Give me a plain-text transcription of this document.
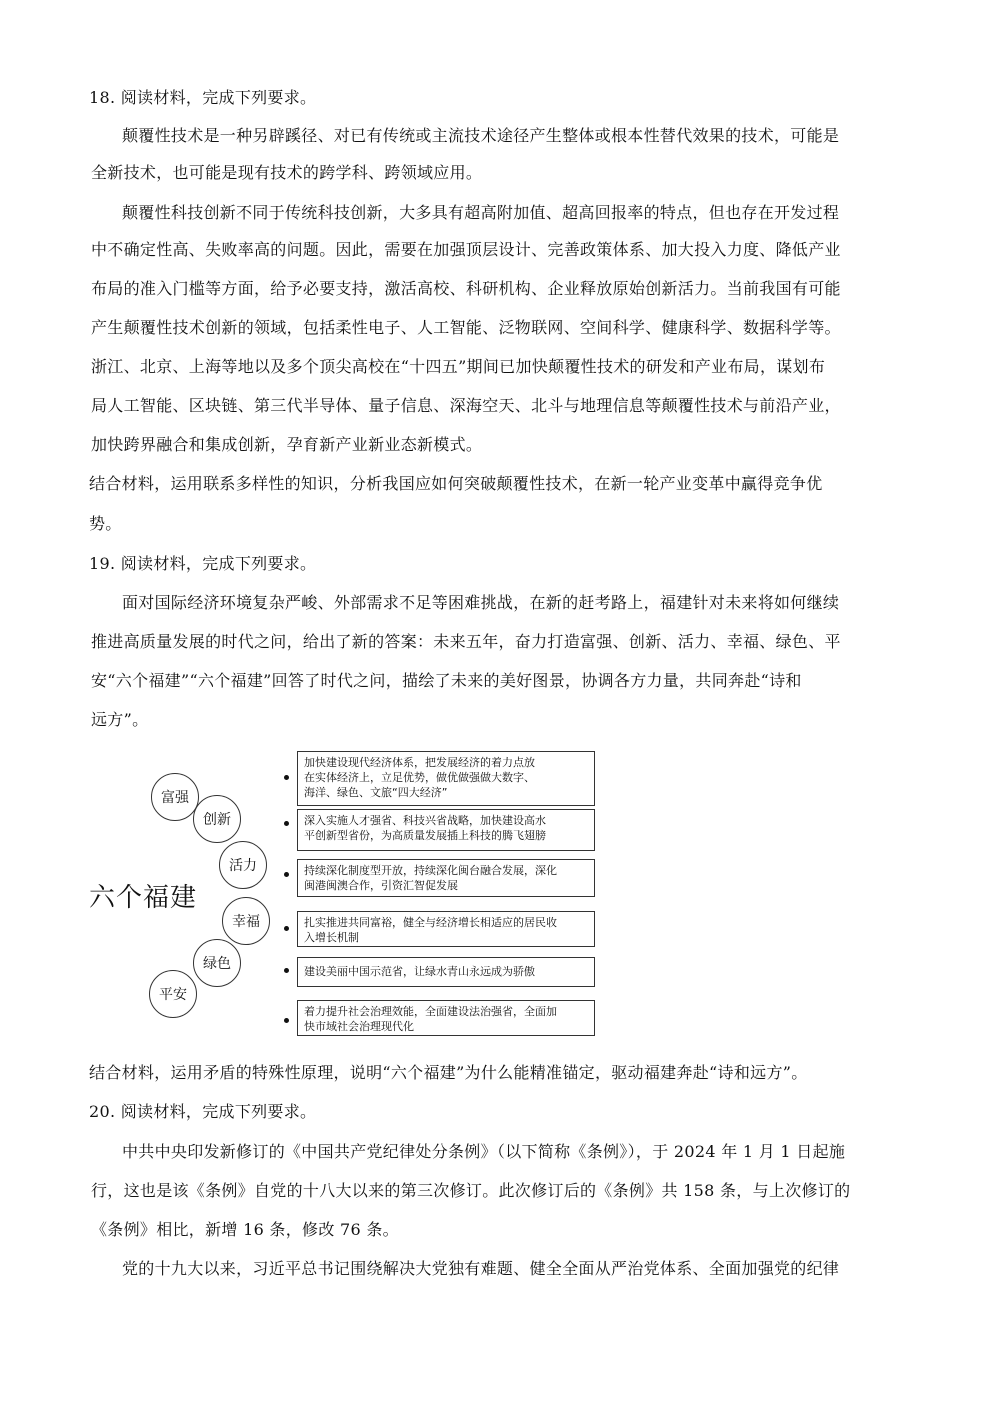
18. 阅读材料，完成下列要求。
颠覆性技术是一种另辟蹊径、对已有传统或主流技术途径产生整体或根本性替代效果的技术，可能是
全新技术，也可能是现有技术的跨学科、跨领域应用。
颠覆性科技创新不同于传统科技创新，大多具有超高附加值、超高回报率的特点，但也存在开发过程
中不确定性高、失败率高的问题。因此，需要在加强顶层设计、完善政策体系、加大投入力度、降低产业
布局的准入门槛等方面，给予必要支持，激活高校、科研机构、企业释放原始创新活力。当前我国有可能
产生颠覆性技术创新的领域，包括柔性电子、人工智能、泛物联网、空间科学、健康科学、数据科学等。
浙江、北京、上海等地以及多个顶尖高校在“十四五”期间已加快颠覆性技术的研发和产业布局，谋划布
局人工智能、区块链、第三代半导体、量子信息、深海空天、北斗与地理信息等颠覆性技术与前沿产业，
加快跨界融合和集成创新，孕育新产业新业态新模式。
结合材料，运用联系多样性的知识，分析我国应如何突破颠覆性技术，在新一轮产业变革中赢得竞争优
势。
19. 阅读材料，完成下列要求。
面对国际经济环境复杂严峻、外部需求不足等困难挑战，在新的赶考路上，福建针对未来将如何继续
推进高质量发展的时代之问，给出了新的答案：未来五年，奋力打造富强、创新、活力、幸福、绿色、平
安“六个福建”“六个福建”回答了时代之问，描绘了未来的美好图景，协调各方力量，共同奔赴“诗和
远方”。
六个福建
富强
创新
活力
幸福
绿色
平安
加快建设现代经济体系，把发展经济的着力点放
在实体经济上，立足优势，做优做强做大数字、
海洋、绿色、文旅“四大经济”
深入实施人才强省、科技兴省战略，加快建设高水
平创新型省份，为高质量发展插上科技的腾飞翅膀
持续深化制度型开放，持续深化闽台融合发展，深化
闽港闽澳合作，引资汇智促发展
扎实推进共同富裕，健全与经济增长相适应的居民收
入增长机制
建设美丽中国示范省，让绿水青山永远成为骄傲
着力提升社会治理效能，全面建设法治强省，全面加
快市域社会治理现代化
结合材料，运用矛盾的特殊性原理，说明“六个福建”为什么能精准锚定，驱动福建奔赴“诗和远方”。
20. 阅读材料，完成下列要求。
中共中央印发新修订的《中国共产党纪律处分条例》（以下简称《条例》），于 2024 年 1 月 1 日起施
行，这也是该《条例》自党的十八大以来的第三次修订。此次修订后的《条例》共 158 条，与上次修订的
《条例》相比，新增 16 条，修改 76 条。
党的十九大以来，习近平总书记围绕解决大党独有难题、健全全面从严治党体系、全面加强党的纪律
